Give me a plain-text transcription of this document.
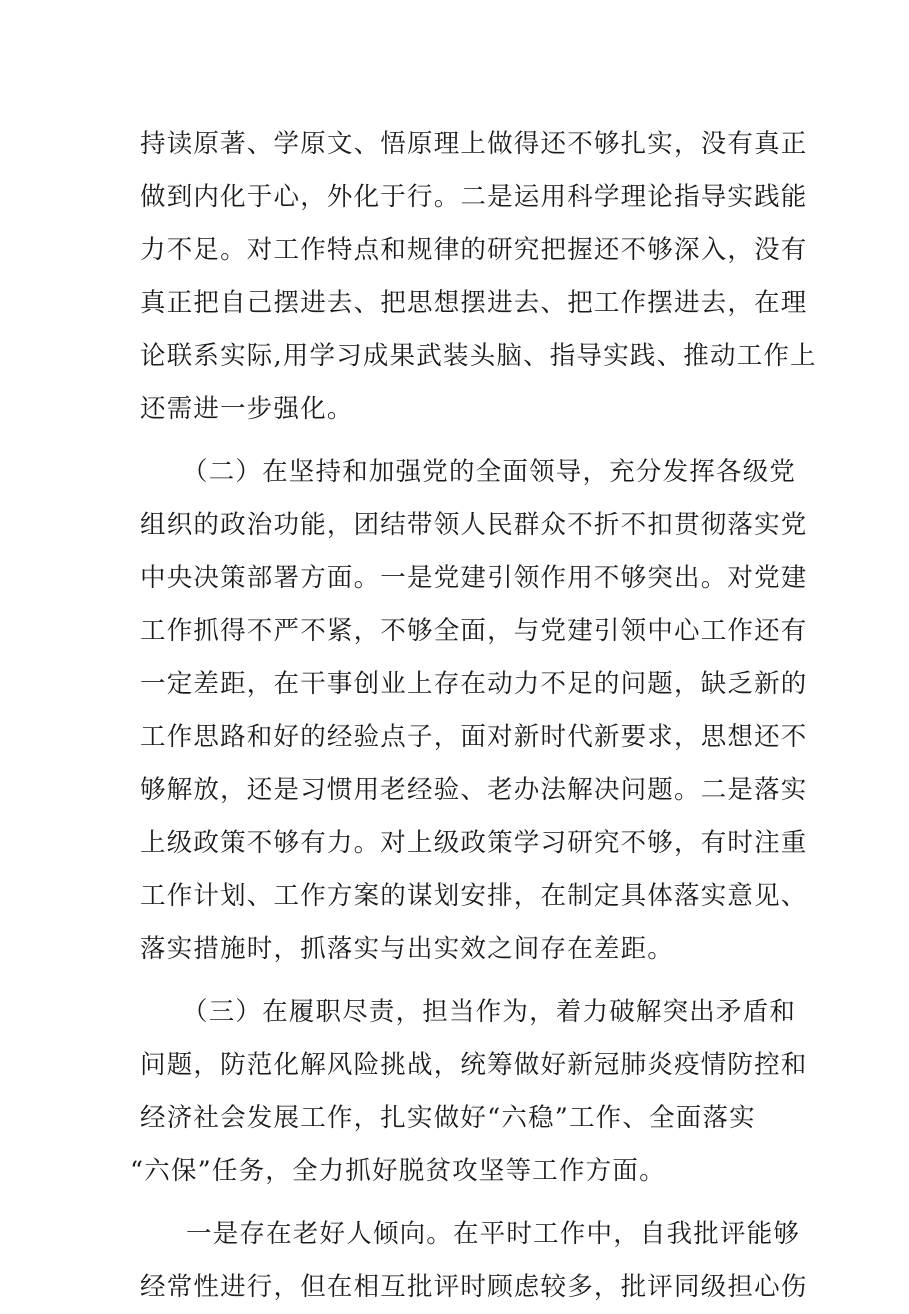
持读原著、学原文、悟原理上做得还不够扎实，没有真正
做到内化于心，外化于行。二是运用科学理论指导实践能
力不足。对工作特点和规律的研究把握还不够深入，没有
真正把自己摆进去、把思想摆进去、把工作摆进去，在理
论联系实际,用学习成果武装头脑、指导实践、推动工作上
还需进一步强化。
（二）在坚持和加强党的全面领导，充分发挥各级党
组织的政治功能，团结带领人民群众不折不扣贯彻落实党
中央决策部署方面。一是党建引领作用不够突出。对党建
工作抓得不严不紧，不够全面，与党建引领中心工作还有
一定差距，在干事创业上存在动力不足的问题，缺乏新的
工作思路和好的经验点子，面对新时代新要求，思想还不
够解放，还是习惯用老经验、老办法解决问题。二是落实
上级政策不够有力。对上级政策学习研究不够，有时注重
工作计划、工作方案的谋划安排，在制定具体落实意见、
落实措施时，抓落实与出实效之间存在差距。
（三）在履职尽责，担当作为，着力破解突出矛盾和
问题，防范化解风险挑战，统筹做好新冠肺炎疫情防控和
经济社会发展工作，扎实做好“六稳”工作、全面落实
“六保”任务，全力抓好脱贫攻坚等工作方面。
一是存在老好人倾向。在平时工作中，自我批评能够
经常性进行，但在相互批评时顾虑较多，批评同级担心伤
